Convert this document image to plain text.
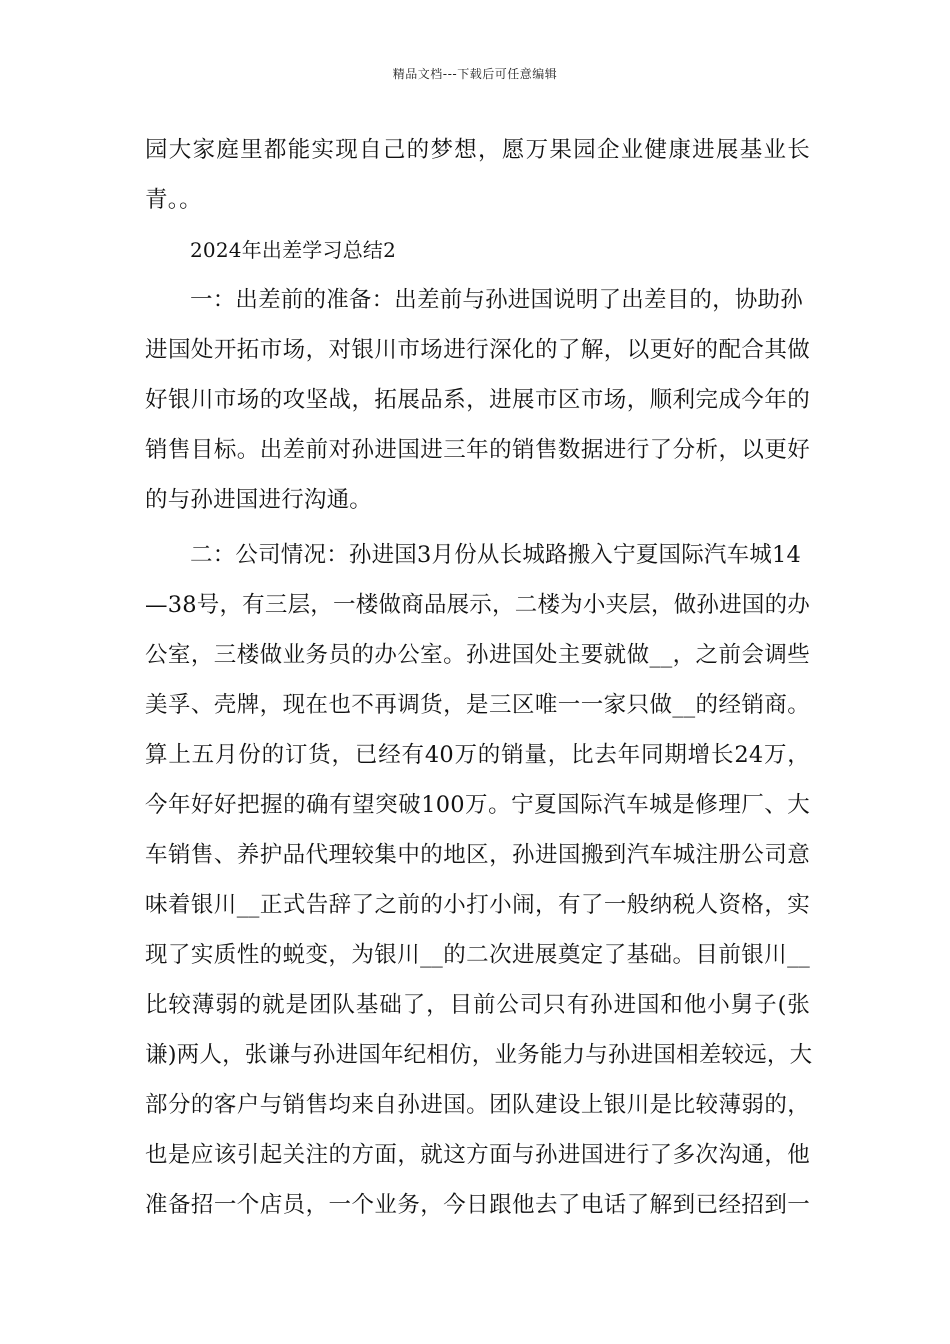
精品文档---下载后可任意编辑
园大家庭里都能实现自己的梦想，愿万果园企业健康进展基业长
青。。
2024年出差学习总结2
一：出差前的准备：出差前与孙进国说明了出差目的，协助孙
进国处开拓市场，对银川市场进行深化的了解，以更好的配合其做
好银川市场的攻坚战，拓展品系，进展市区市场，顺利完成今年的
销售目标。出差前对孙进国进三年的销售数据进行了分析，以更好
的与孙进国进行沟通。
二：公司情况：孙进国3月份从长城路搬入宁夏国际汽车城14
—38号，有三层，一楼做商品展示，二楼为小夹层，做孙进国的办
公室，三楼做业务员的办公室。孙进国处主要就做__，之前会调些
美孚、壳牌，现在也不再调货，是三区唯一一家只做__的经销商。
算上五月份的订货，已经有40万的销量，比去年同期增长24万，
今年好好把握的确有望突破100万。宁夏国际汽车城是修理厂、大
车销售、养护品代理较集中的地区，孙进国搬到汽车城注册公司意
味着银川__正式告辞了之前的小打小闹，有了一般纳税人资格，实
现了实质性的蜕变，为银川__的二次进展奠定了基础。目前银川__
比较薄弱的就是团队基础了，目前公司只有孙进国和他小舅子(张
谦)两人，张谦与孙进国年纪相仿，业务能力与孙进国相差较远，大
部分的客户与销售均来自孙进国。团队建设上银川是比较薄弱的，
也是应该引起关注的方面，就这方面与孙进国进行了多次沟通，他
准备招一个店员，一个业务，今日跟他去了电话了解到已经招到一
